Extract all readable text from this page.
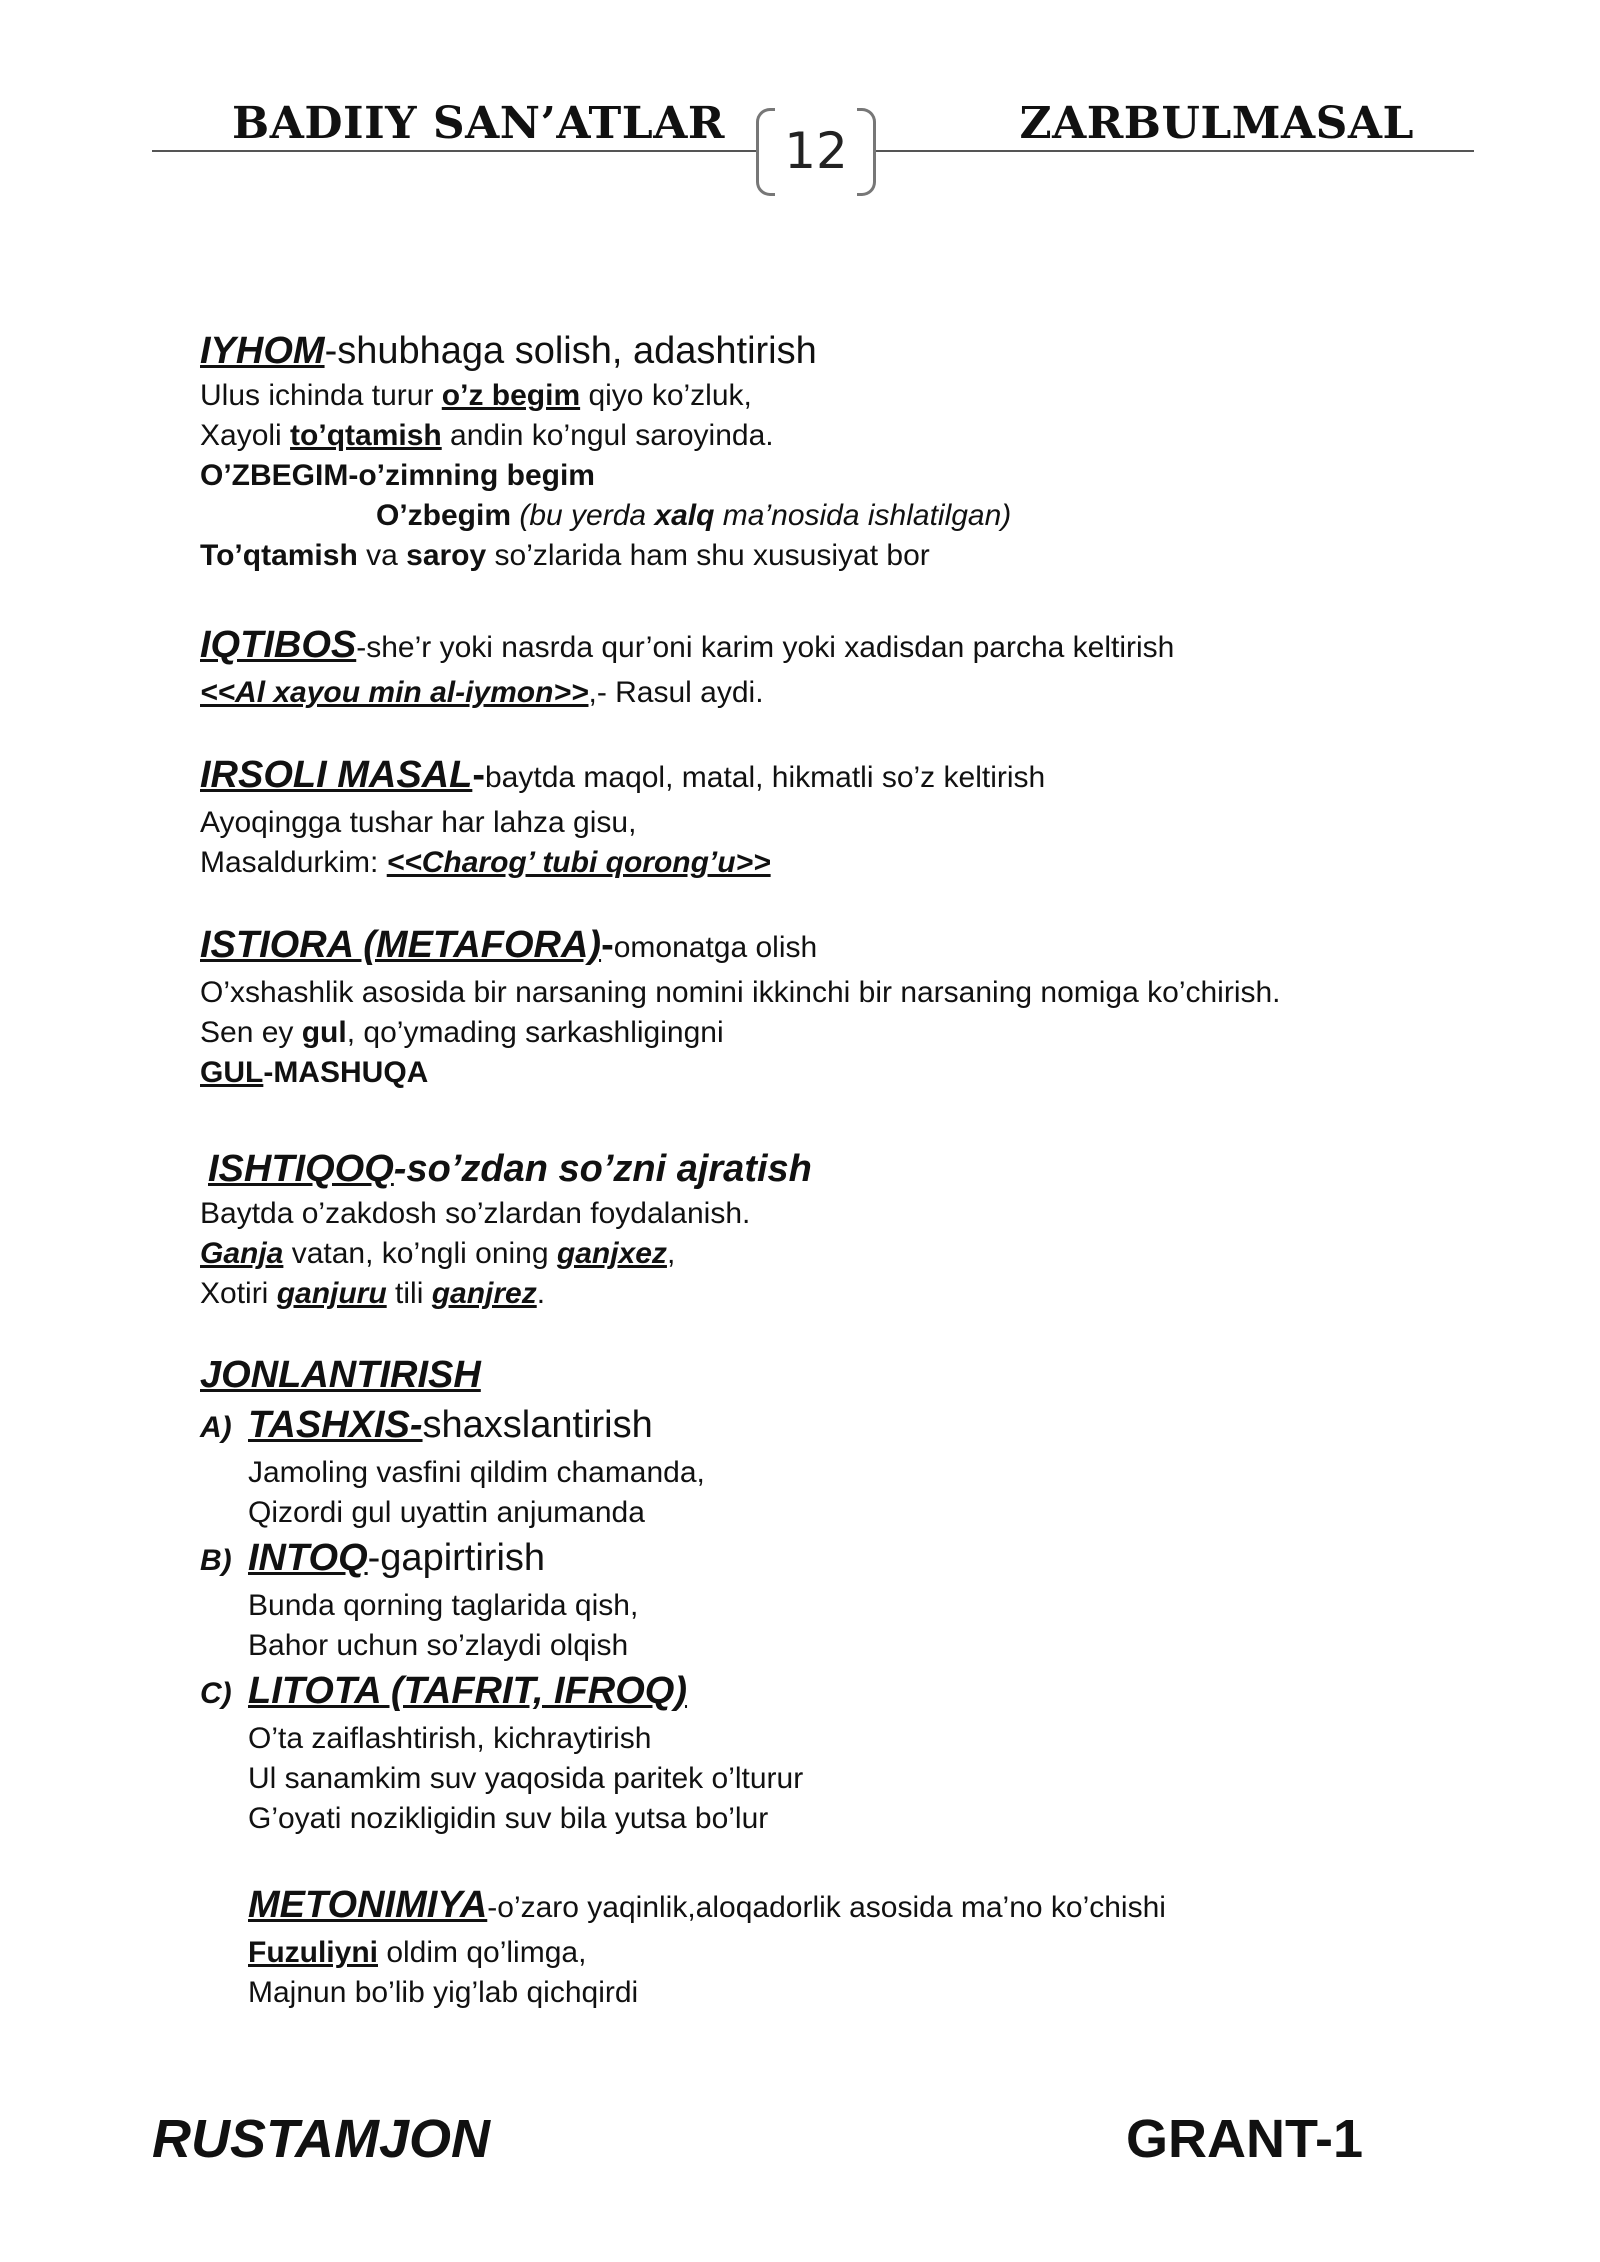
BADIIY SAN’ATLAR	ZARBULMASAL
12
IYHOM-shubhaga solish, adashtirish
Ulus ichinda turur o’z begim qiyo ko’zluk,
Xayoli to’qtamish andin ko’ngul saroyinda.
O’ZBEGIM-o’zimning begim
O’zbegim (bu yerda xalq ma’nosida ishlatilgan)
To’qtamish va saroy so’zlarida ham shu xususiyat bor
IQTIBOS-she’r yoki nasrda qur’oni karim yoki xadisdan parcha keltirish
<<Al xayou min al-iymon>>,- Rasul aydi.
IRSOLI MASAL-baytda maqol, matal, hikmatli so’z keltirish
Ayoqingga tushar har lahza gisu,
Masaldurkim: <<Charog’ tubi qorong’u>>
ISTIORA (METAFORA)-omonatga olish
O’xshashlik asosida bir narsaning nomini ikkinchi bir narsaning nomiga ko’chirish.
Sen ey gul, qo’ymading sarkashligingni
GUL-MASHUQA
ISHTIQOQ-so’zdan so’zni ajratish
Baytda o’zakdosh so’zlardan foydalanish.
Ganja vatan, ko’ngli oning ganjxez,
Xotiri ganjuru tili ganjrez.
JONLANTIRISH
A) TASHXIS-shaxslantirish
Jamoling vasfini qildim chamanda,
Qizordi gul uyattin anjumanda
B) INTOQ-gapirtirish
Bunda qorning taglarida qish,
Bahor uchun so’zlaydi olqish
C) LITOTA (TAFRIT, IFROQ)
O’ta zaiflashtirish, kichraytirish
Ul sanamkim suv yaqosida paritek o’lturur
G’oyati nozikligidin suv bila yutsa bo’lur
METONIMIYA-o’zaro yaqinlik,aloqadorlik asosida ma’no ko’chishi
Fuzuliyni oldim qo’limga,
Majnun bo’lib yig’lab qichqirdi
RUSTAMJON	GRANT-1
